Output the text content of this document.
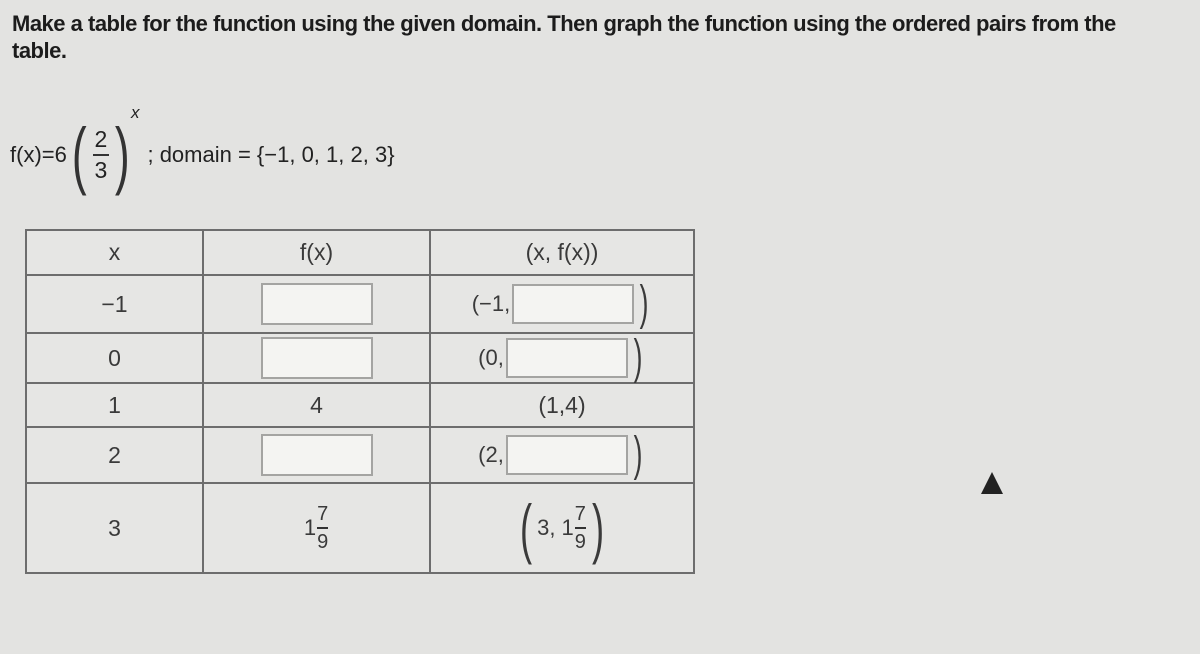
Make a table for the function using the given domain. Then graph the function using the ordered pairs from the table.
f(x)=6 ( $\frac{2}{3}$ )
x
; domain = {−1, 0, 1, 2, 3}
x	f(x)	(x, f(x))
−1		(−1, )

0		(0, )

1	4	(1,4)
2		(2, )

3	$1 \frac{7}{9}$	( 3, $1 \frac{7}{9}$ )
